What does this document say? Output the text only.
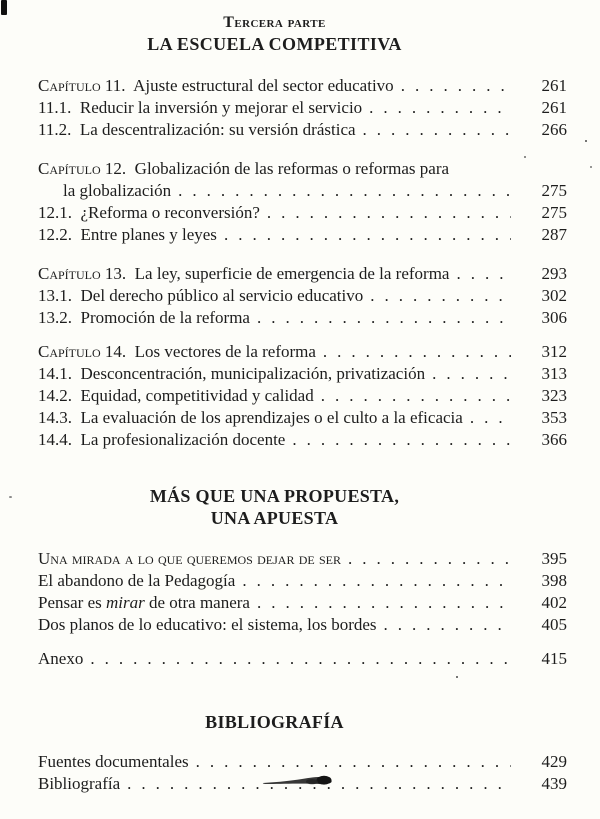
Tercera parte
LA ESCUELA COMPETITIVA
Capítulo 11.  Ajuste estructural del sector educativo .....	261
11.1.  Reducir la inversión y mejorar el servicio .....	261
11.2.  La descentralización: su versión drástica .....	266
Capítulo 12.  Globalización de las reformas o reformas para
la globalización .....	275
12.1.  ¿Reforma o reconversión? .....	275
12.2.  Entre planes y leyes .....	287
Capítulo 13.  La ley, superficie de emergencia de la reforma .....	293
13.1.  Del derecho público al servicio educativo .....	302
13.2.  Promoción de la reforma .....	306
Capítulo 14.  Los vectores de la reforma .....	312
14.1.  Desconcentración, municipalización, privatización .....	313
14.2.  Equidad, competitividad y calidad .....	323
14.3.  La evaluación de los aprendizajes o el culto a la eficacia .....	353
14.4.  La profesionalización docente .....	366
MÁS QUE UNA PROPUESTA,
UNA APUESTA
Una mirada a lo que queremos dejar de ser .....	395
El abandono de la Pedagogía .....	398
Pensar es mirar de otra manera .....	402
Dos planos de lo educativo: el sistema, los bordes .....	405
Anexo .....	415
BIBLIOGRAFÍA
Fuentes documentales .....	429
Bibliografía .....	439
